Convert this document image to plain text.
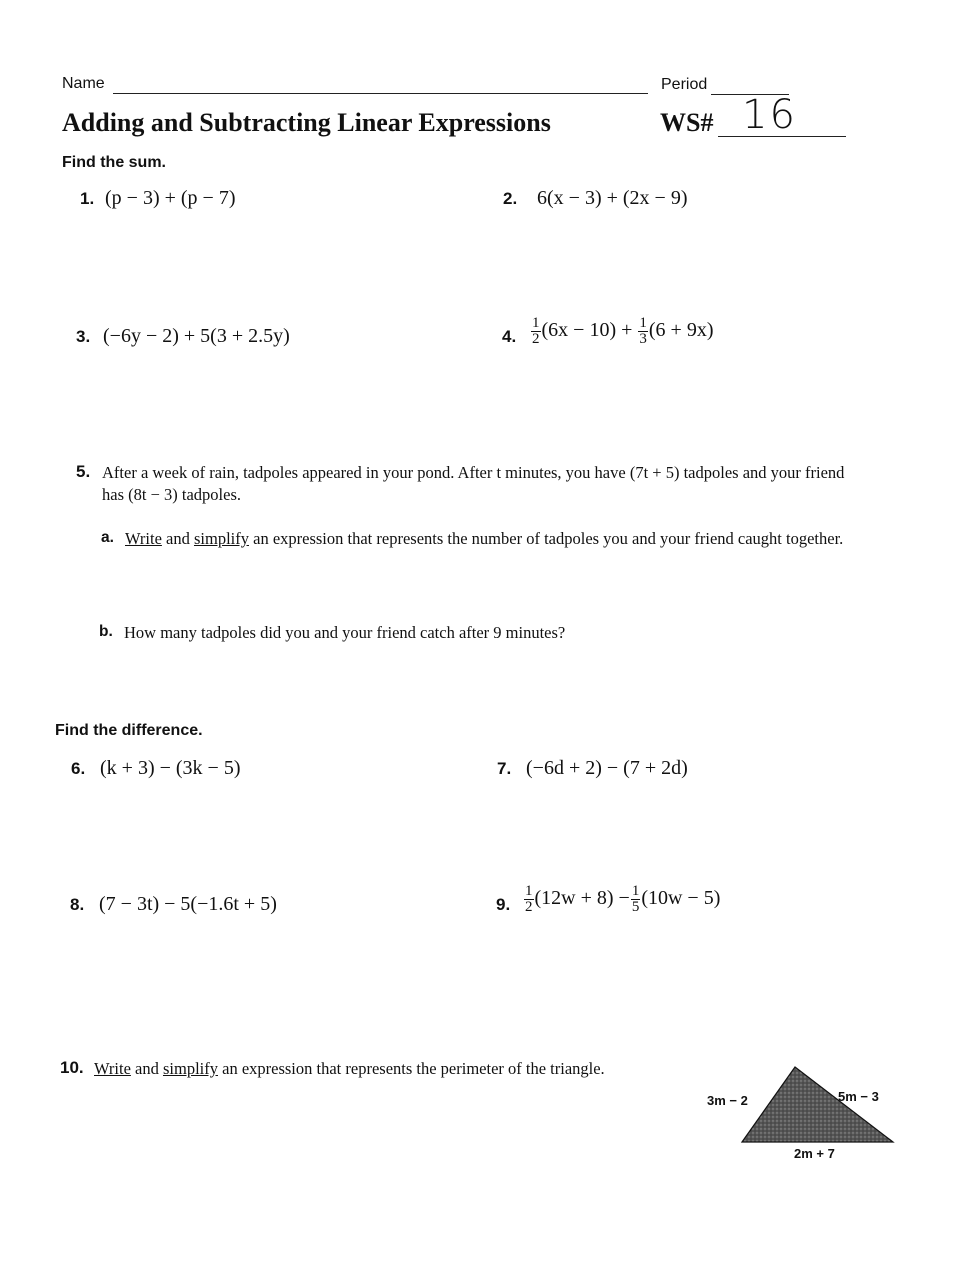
Name	Period
Adding and Subtracting Linear Expressions	WS# 16
Find the sum.
1. (p − 3) + (p − 7)	2. 6(x − 3) + (2x − 9)
3. (−6y − 2) + 5(3 + 2.5y)	4. $\frac{1}{2} (6x - 10) + \frac{1}{3} (6 + 9x)$
5. After a week of rain, tadpoles appeared in your pond. After t minutes, you have (7t + 5) tadpoles and your friend
has (8t − 3) tadpoles.
a. Write and simplify an expression that represents the number of tadpoles you and your friend caught together.
b. How many tadpoles did you and your friend catch after 9 minutes?
Find the difference.
6. (k + 3) − (3k − 5)	7. (−6d + 2) − (7 + 2d)
8. (7 − 3t) − 5(−1.6t + 5)	9. $\frac{1}{2} (12w + 8) - \frac{1}{5} (10w - 5)$
10. Write and simplify an expression that represents the perimeter of the triangle.
3m − 2	5m − 3
2m + 7
